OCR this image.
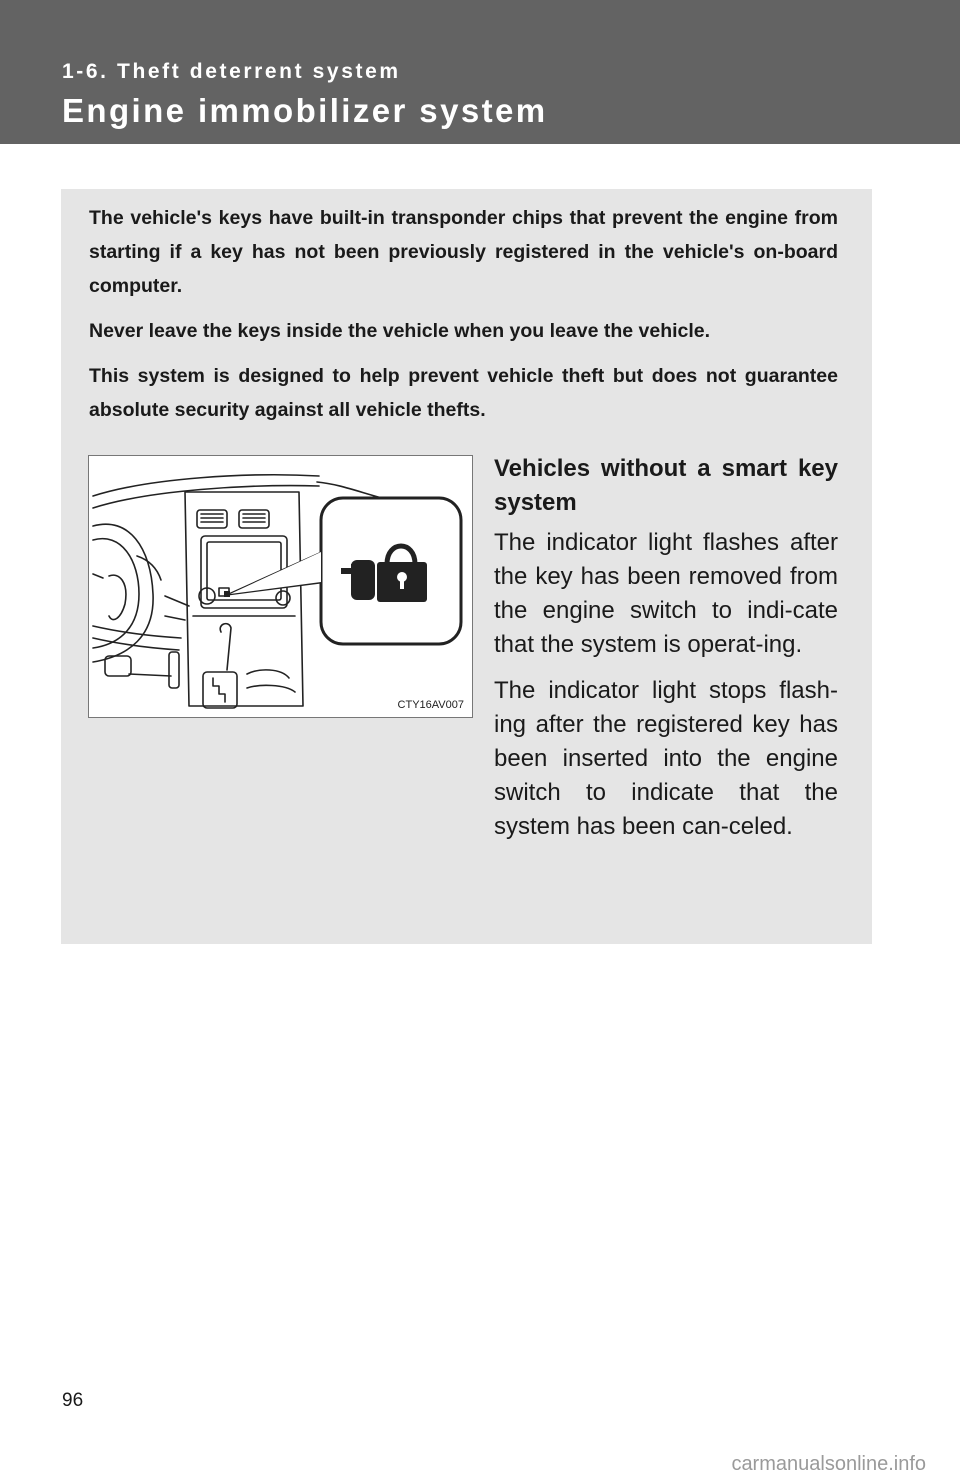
1-6. Theft deterrent system
Engine immobilizer system

The vehicle's keys have built-in transponder chips that prevent the engine from starting if a key has not been previously registered in the vehicle's on-board computer.

Never leave the keys inside the vehicle when you leave the vehicle.

This system is designed to help prevent vehicle theft but does not guarantee absolute security against all vehicle thefts.

CTY16AV007
Vehicles without a smart key system

The indicator light flashes after the key has been removed from the engine switch to indi-cate that the system is operat-ing.

The indicator light stops flash-ing after the registered key has been inserted into the engine switch to indicate that the system has been can-celed.

96
carmanualsonline.info
